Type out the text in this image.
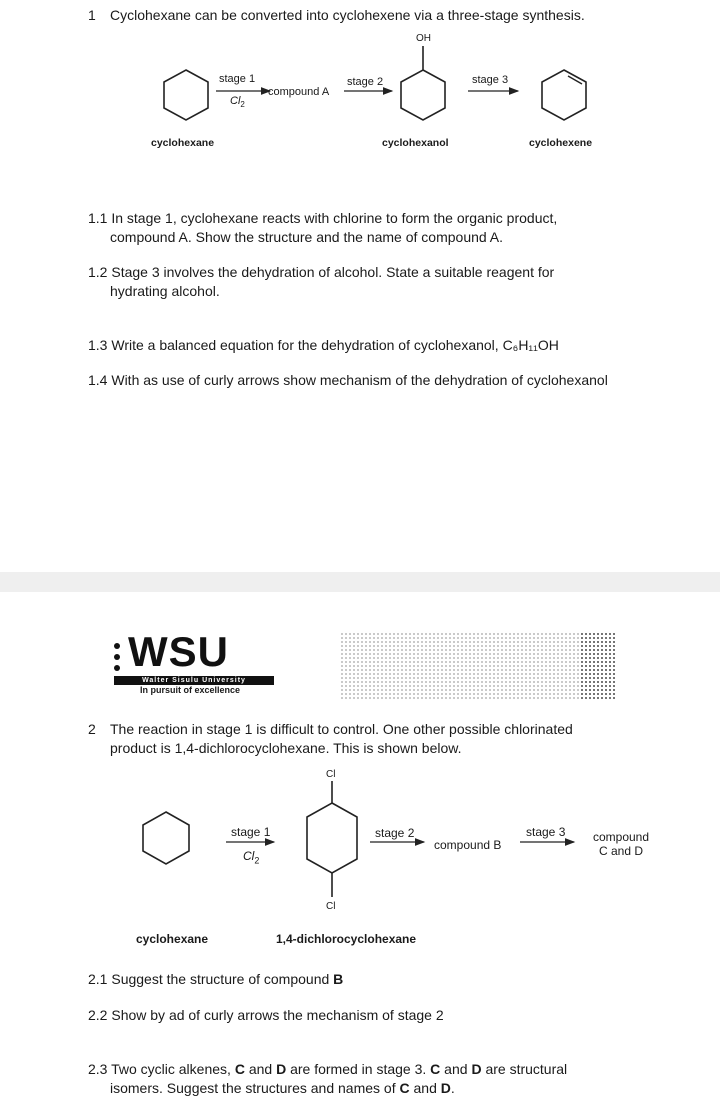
1 Cyclohexane can be converted into cyclohexene via a three-stage synthesis.
OH
stage 1
$Cl_2$
compound A
stage 2	stage 3
cyclohexane	cyclohexanol	cyclohexene
1.1 In stage 1, cyclohexane reacts with chlorine to form the organic product,
compound A. Show the structure and the name of compound A.
1.2 Stage 3 involves the dehydration of alcohol. State a suitable reagent for
hydrating alcohol.
1.3 Write a balanced equation for the dehydration of cyclohexanol, C₆H₁₁OH
1.4 With as use of curly arrows show mechanism of the dehydration of cyclohexanol
WSU
Walter Sisulu University
In pursuit of excellence
2 The reaction in stage 1 is difficult to control. One other possible chlorinated
product is 1,4-dichlorocyclohexane. This is shown below.
Cl
Cl
stage 1
$Cl_2$
stage 2
compound B
stage 3	compound
C and D
cyclohexane	1,4-dichlorocyclohexane
2.1 Suggest the structure of compound B
2.2 Show by ad of curly arrows the mechanism of stage 2
2.3 Two cyclic alkenes, C and D are formed in stage 3. C and D are structural
isomers. Suggest the structures and names of C and D.
